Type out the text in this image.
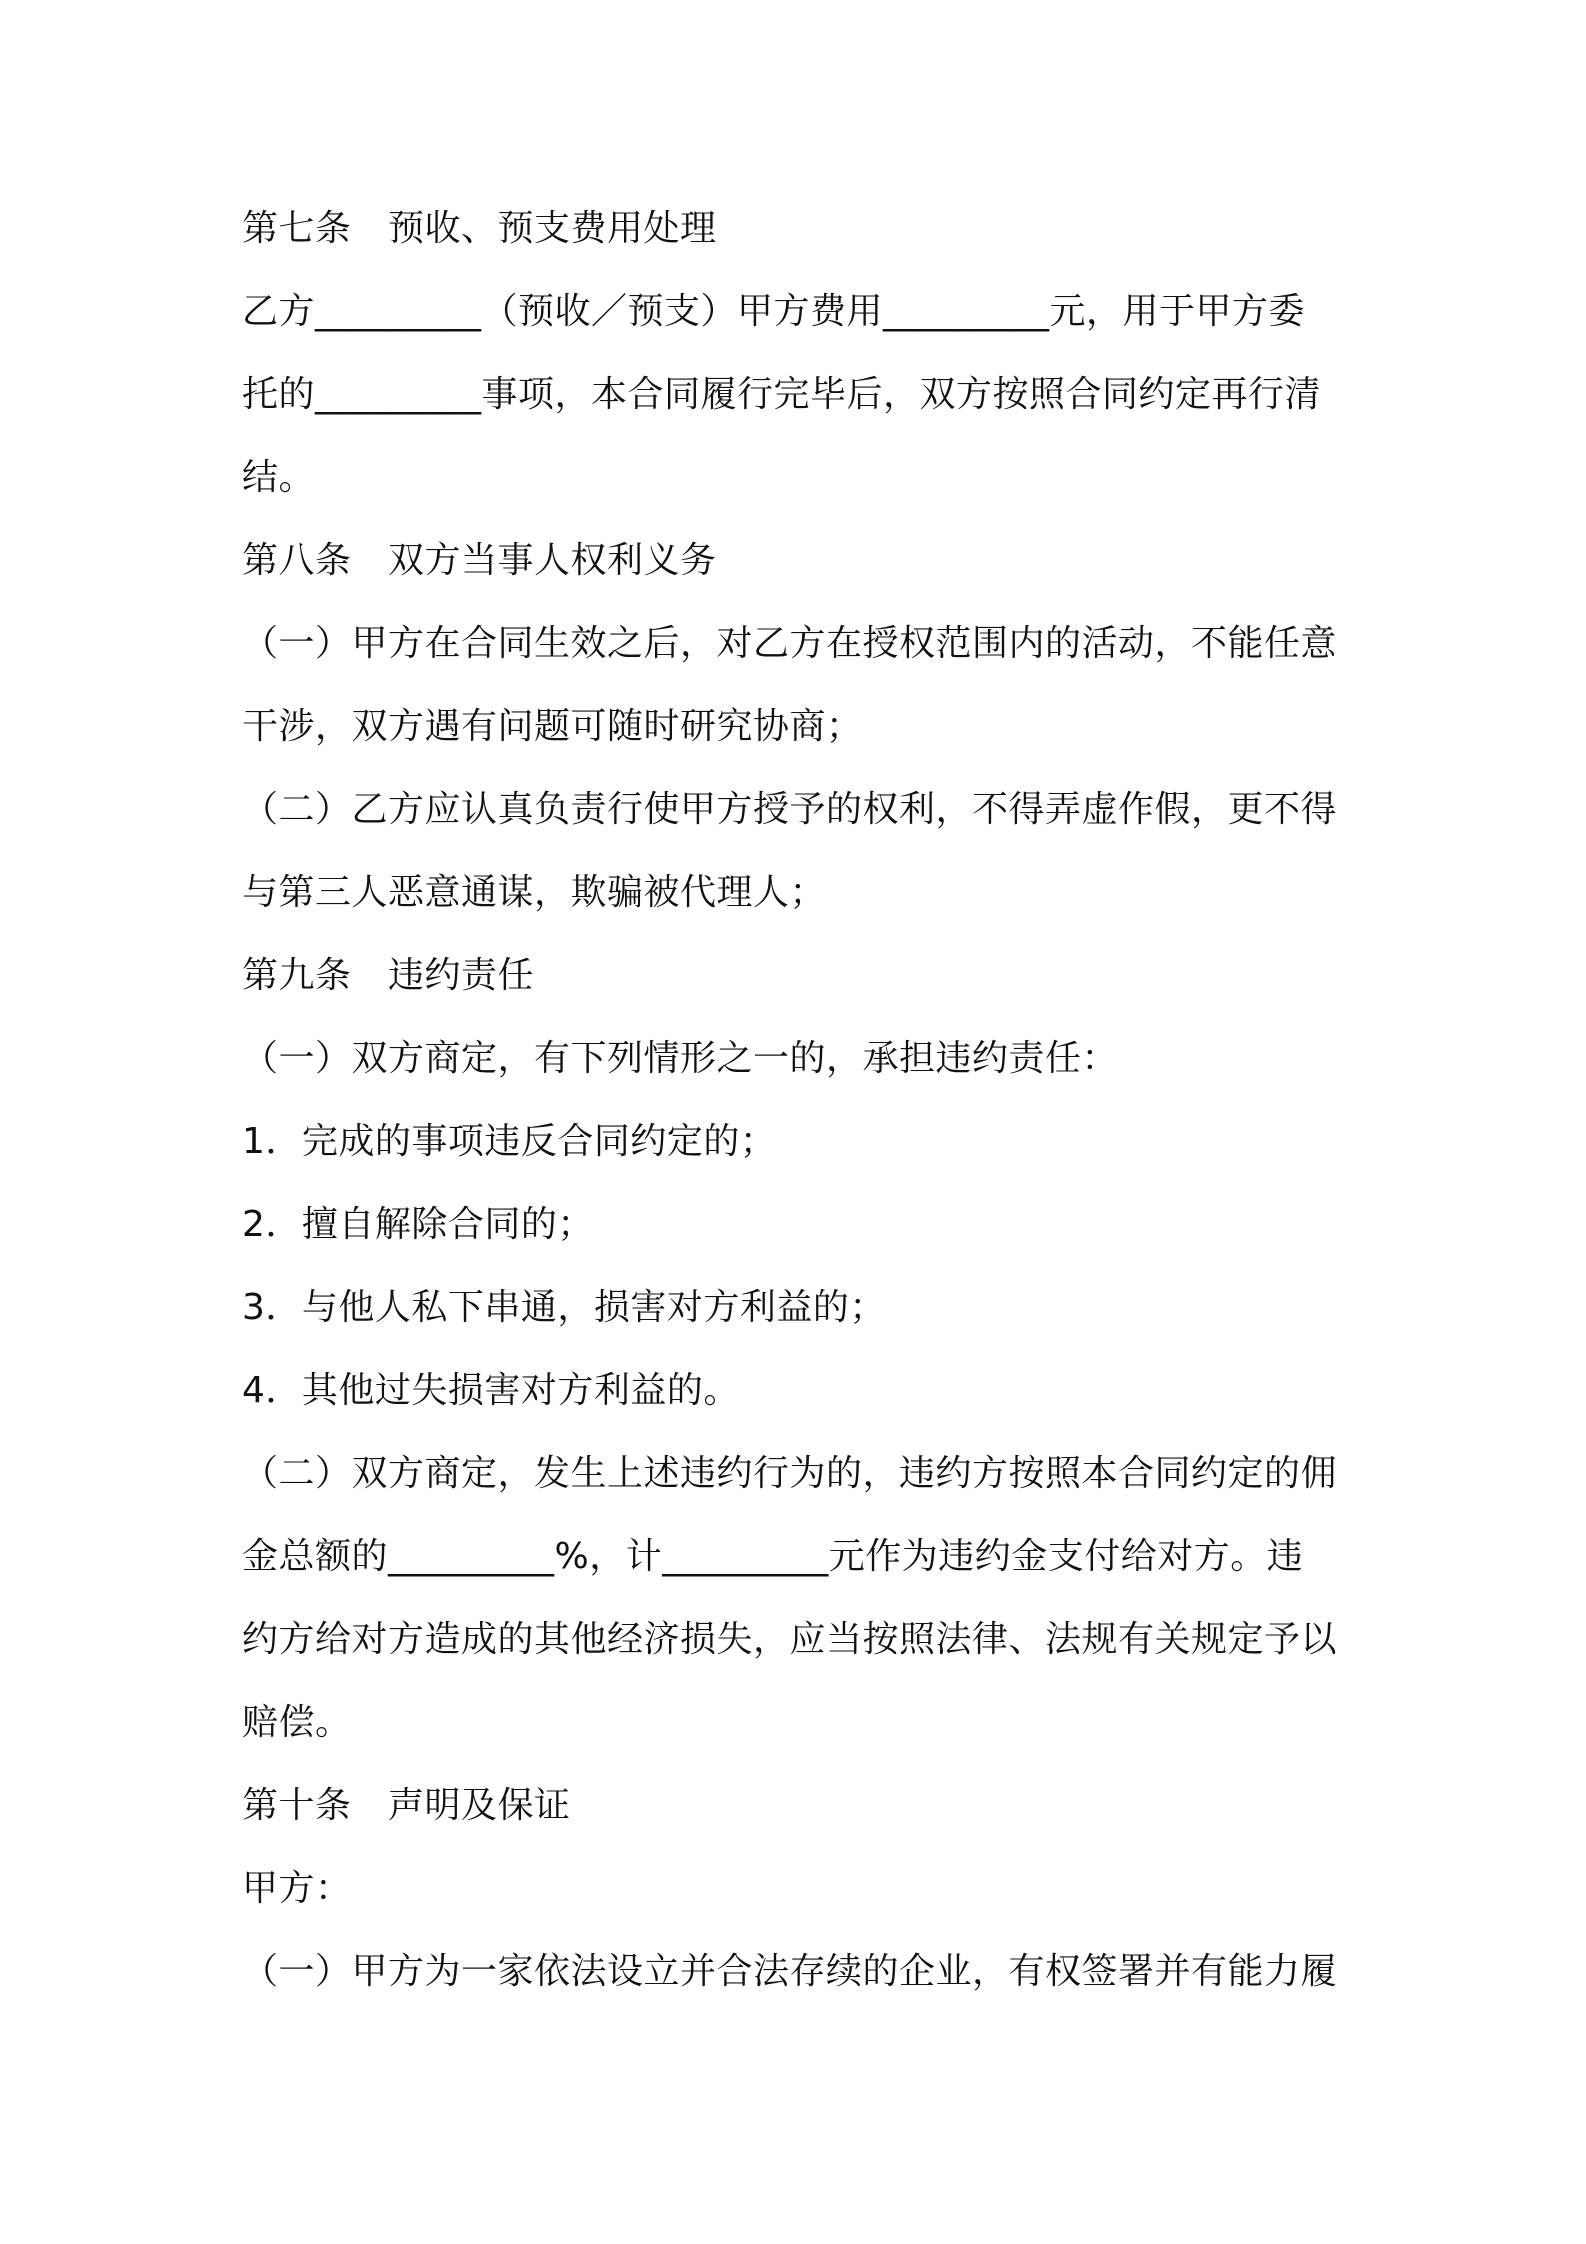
第七条　预收、预支费用处理
乙方_________（预收／预支）甲方费用_________元，用于甲方委
托的_________事项，本合同履行完毕后，双方按照合同约定再行清
结。
第八条　双方当事人权利义务
（一）甲方在合同生效之后，对乙方在授权范围内的活动，不能任意
干涉，双方遇有问题可随时研究协商；
（二）乙方应认真负责行使甲方授予的权利，不得弄虚作假，更不得
与第三人恶意通谋，欺骗被代理人；
第九条　违约责任
（一）双方商定，有下列情形之一的，承担违约责任：
1．完成的事项违反合同约定的；
2．擅自解除合同的；
3．与他人私下串通，损害对方利益的；
4．其他过失损害对方利益的。
（二）双方商定，发生上述违约行为的，违约方按照本合同约定的佣
金总额的_________%，计_________元作为违约金支付给对方。违
约方给对方造成的其他经济损失，应当按照法律、法规有关规定予以
赔偿。
第十条　声明及保证
甲方：
（一）甲方为一家依法设立并合法存续的企业，有权签署并有能力履
